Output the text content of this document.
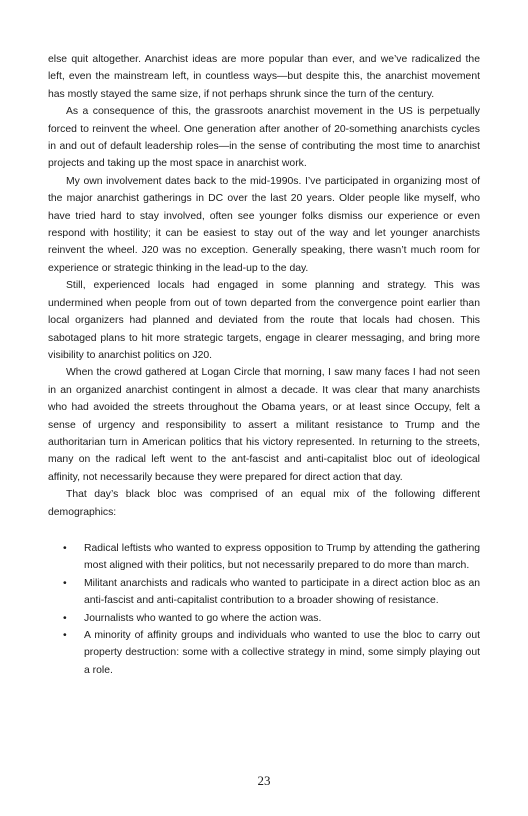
else quit altogether. Anarchist ideas are more popular than ever, and we’ve radicalized the left, even the mainstream left, in countless ways—but despite this, the anarchist movement has mostly stayed the same size, if not perhaps shrunk since the turn of the century.

As a consequence of this, the grassroots anarchist movement in the US is perpetually forced to reinvent the wheel. One generation after another of 20-something anarchists cycles in and out of default leadership roles—in the sense of contributing the most time to anarchist projects and taking up the most space in anarchist work.

My own involvement dates back to the mid-1990s. I’ve participated in organizing most of the major anarchist gatherings in DC over the last 20 years. Older people like myself, who have tried hard to stay involved, often see younger folks dismiss our experience or even respond with hostility; it can be easiest to stay out of the way and let younger anarchists reinvent the wheel. J20 was no exception. Generally speaking, there wasn’t much room for experience or strategic thinking in the lead-up to the day.

Still, experienced locals had engaged in some planning and strategy. This was undermined when people from out of town departed from the convergence point earlier than local organizers had planned and deviated from the route that locals had chosen. This sabotaged plans to hit more strategic targets, engage in clearer messaging, and bring more visibility to anarchist politics on J20.

When the crowd gathered at Logan Circle that morning, I saw many faces I had not seen in an organized anarchist contingent in almost a decade. It was clear that many anarchists who had avoided the streets throughout the Obama years, or at least since Occupy, felt a sense of urgency and responsibility to assert a militant resistance to Trump and the authoritarian turn in American politics that his victory represented. In returning to the streets, many on the radical left went to the ant-fascist and anti-capitalist bloc out of ideological affinity, not necessarily because they were prepared for direct action that day.

That day’s black bloc was comprised of an equal mix of the following different demographics:

•	Radical leftists who wanted to express opposition to Trump by attending the gathering most aligned with their politics, but not necessarily prepared to do more than march.
•	Militant anarchists and radicals who wanted to participate in a direct action bloc as an anti-fascist and anti-capitalist contribution to a broader showing of resistance.
•	Journalists who wanted to go where the action was.
•	A minority of affinity groups and individuals who wanted to use the bloc to carry out property destruction: some with a collective strategy in mind, some simply playing out a role.
23
